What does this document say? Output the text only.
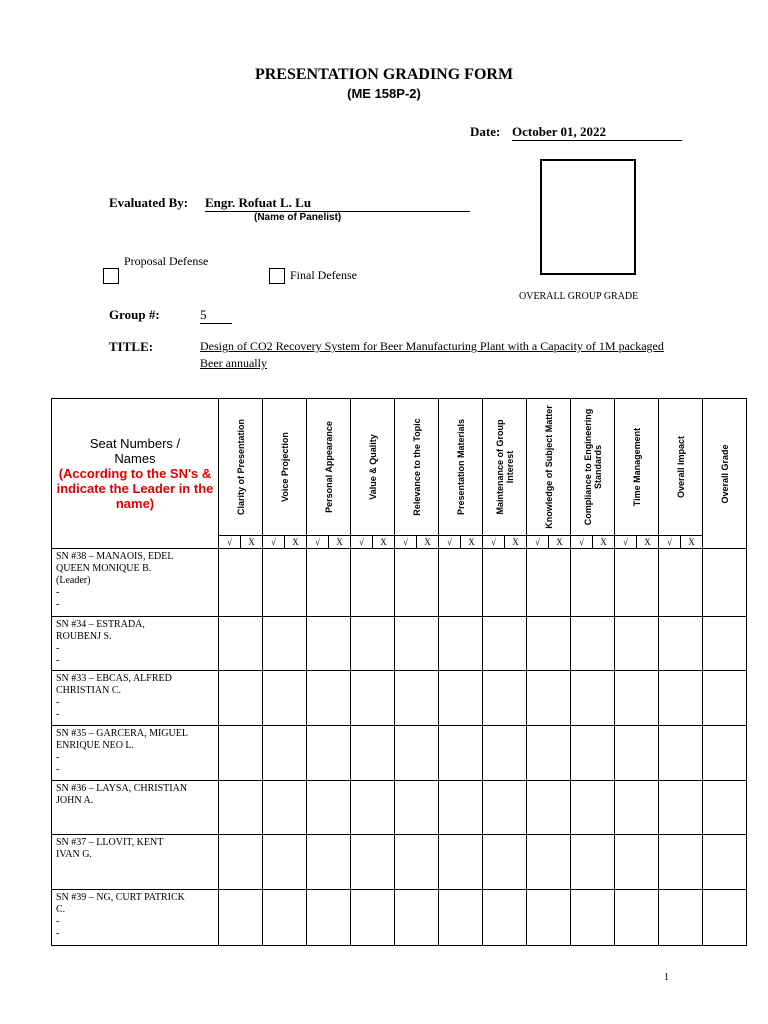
PRESENTATION GRADING FORM
(ME 158P-2)
Date: October 01, 2022
Evaluated By: Engr. Rofuat L. Lu
(Name of Panelist)
Proposal Defense
Final Defense
OVERALL GROUP GRADE
Group #:	5
TITLE:	Design of CO2 Recovery System for Beer Manufacturing Plant with a Capacity of 1M packaged
Beer annually
Seat Numbers /
Names
(According to the SN's & indicate the Leader in the name)	Clarity of Presentation		Voice Projection		Personal Appearance		Value & Quality		Relevance to the Topic		Presentation Materials		Maintenance of Group Interest		Knowledge of Subject Matter		Compliance to Engineering Standards		Time Management		Overall Impact		Overall Grade

	√	X	√	X	√	X	√	X	√	X	√	X	√	X	√	X	√	X	√	X	√	X	

SN #38 – MANAOIS, EDEL
QUEEN MONIQUE B.
(Leader)
-
-																							

SN #34 – ESTRADA,
ROUBENJ S.
-
-																							

SN #33 – EBCAS, ALFRED
CHRISTIAN C.
-
-																							

SN #35 – GARCERA, MIGUEL
ENRIQUE NEO L.
-
-																							

SN #36 – LAYSA, CHRISTIAN
JOHN A.																							

SN #37 – LLOVIT, KENT
IVAN G.																							

SN #39 – NG, CURT PATRICK
C.
-
-																							

1
